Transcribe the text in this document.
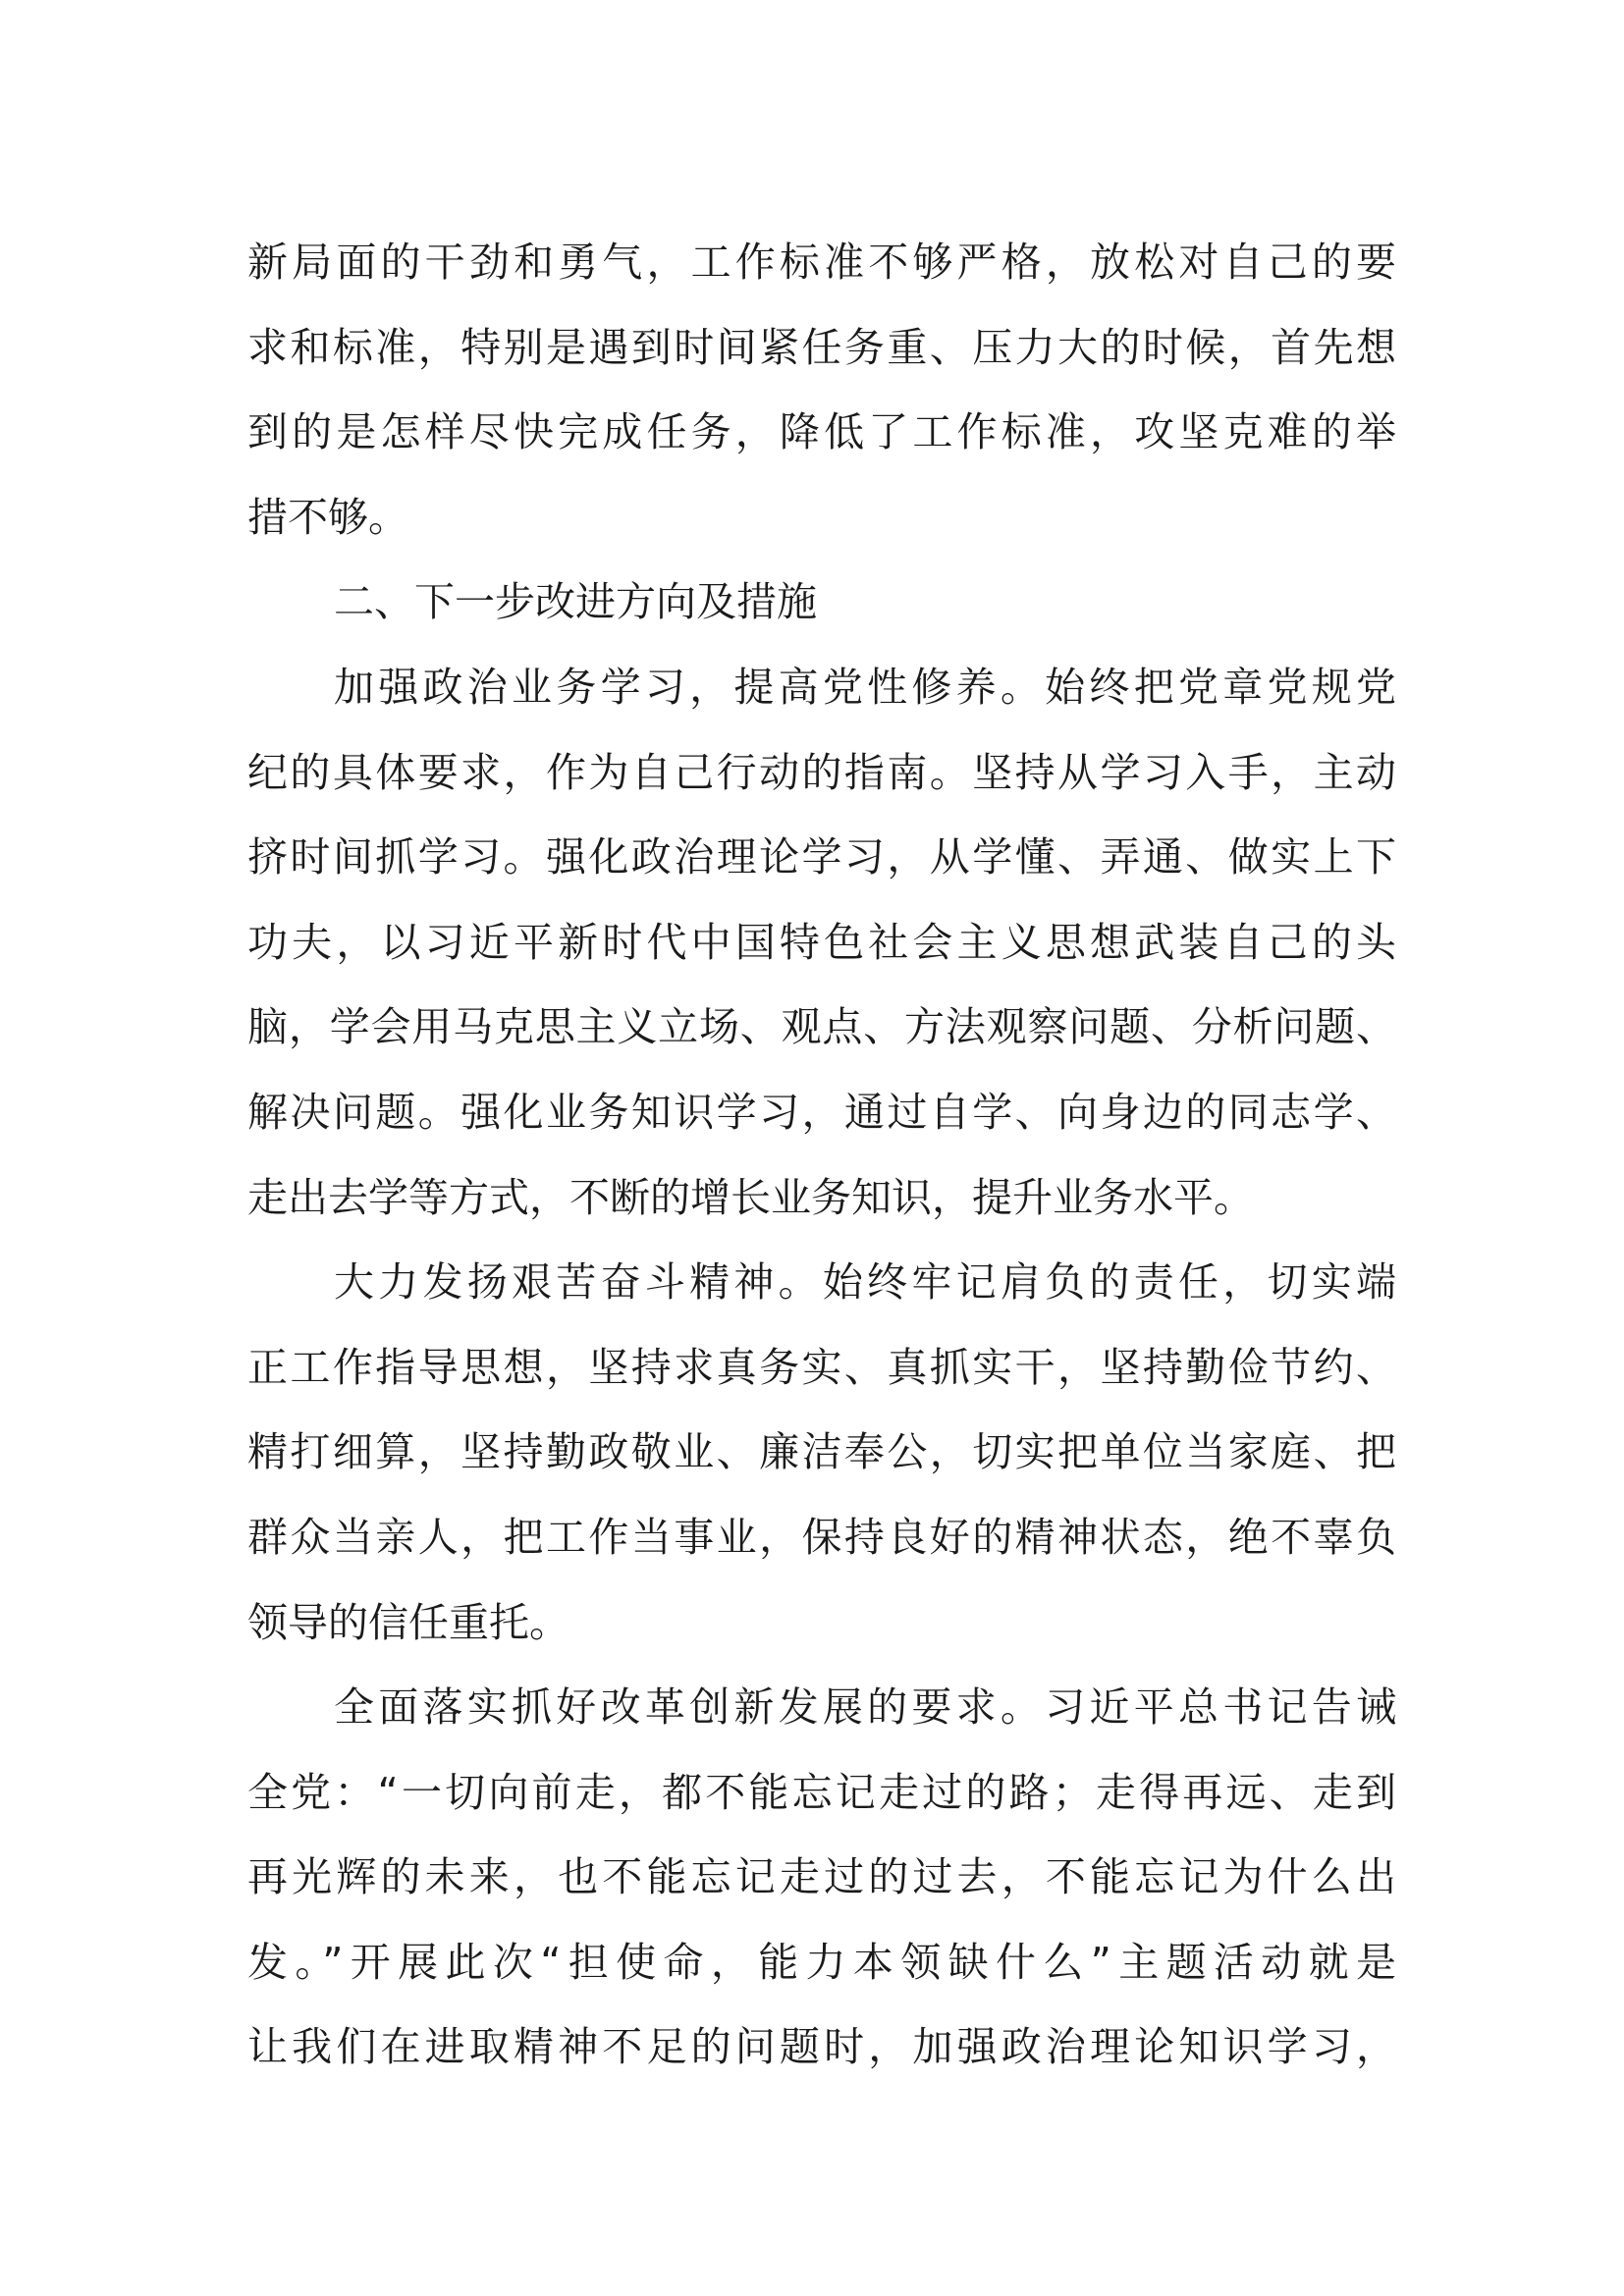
新局面的干劲和勇气，工作标准不够严格，放松对自己的要
求和标准，特别是遇到时间紧任务重、压力大的时候，首先想
到的是怎样尽快完成任务，降低了工作标准，攻坚克难的举
措不够。
二、下一步改进方向及措施
加强政治业务学习，提高党性修养。始终把党章党规党
纪的具体要求，作为自己行动的指南。坚持从学习入手，主动
挤时间抓学习。强化政治理论学习，从学懂、弄通、做实上下
功夫，以习近平新时代中国特色社会主义思想武装自己的头
脑，学会用马克思主义立场、观点、方法观察问题、分析问题、
解决问题。强化业务知识学习，通过自学、向身边的同志学、
走出去学等方式，不断的增长业务知识，提升业务水平。
大力发扬艰苦奋斗精神。始终牢记肩负的责任，切实端
正工作指导思想，坚持求真务实、真抓实干，坚持勤俭节约、
精打细算，坚持勤政敬业、廉洁奉公，切实把单位当家庭、把
群众当亲人，把工作当事业，保持良好的精神状态，绝不辜负
领导的信任重托。
全面落实抓好改革创新发展的要求。习近平总书记告诫
全党：“一切向前走，都不能忘记走过的路；走得再远、走到
再光辉的未来，也不能忘记走过的过去，不能忘记为什么出
发。”开展此次“担使命，能力本领缺什么”主题活动就是
让我们在进取精神不足的问题时，加强政治理论知识学习，
